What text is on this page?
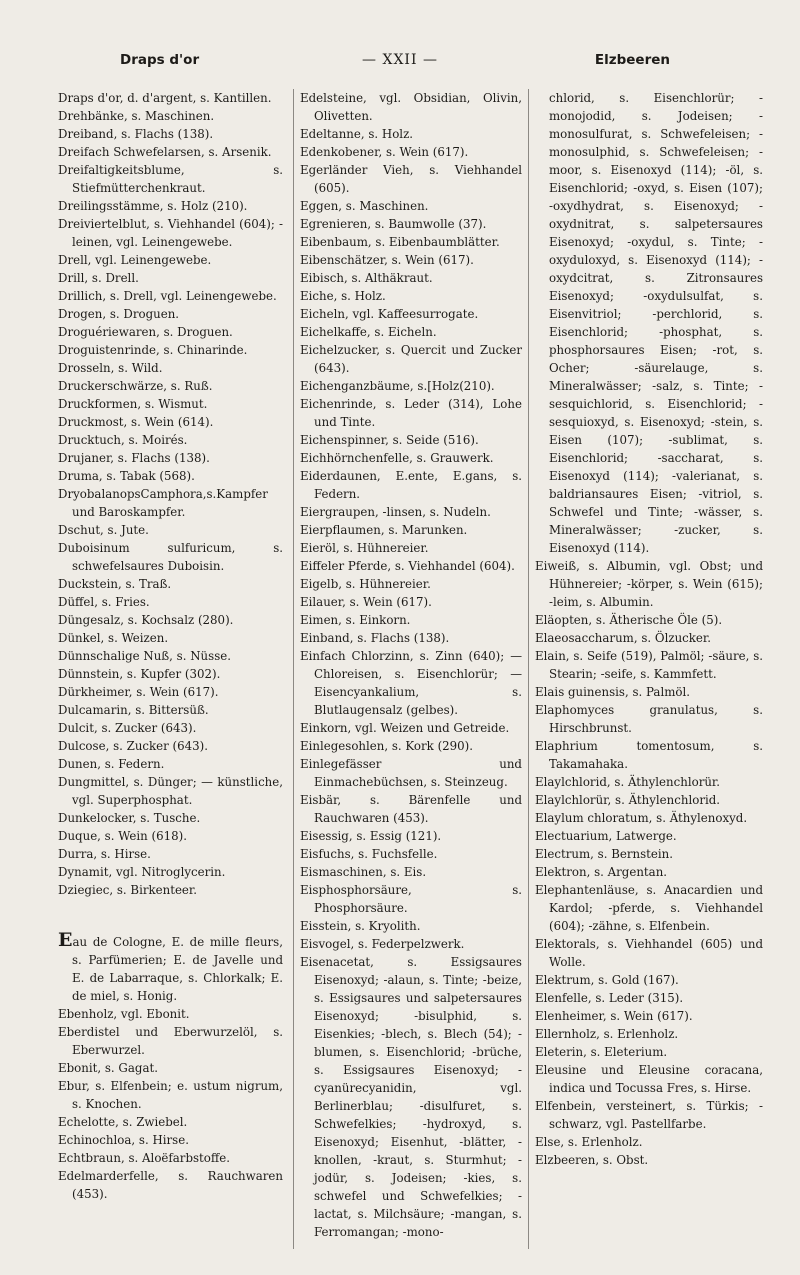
Draps d'or	— XXII —	Elzbeeren

Draps d'or, d. d'argent, s. Kantillen.

Drehbänke, s. Maschinen.

Dreiband, s. Flachs (138).

Dreifach Schwefelarsen, s. Arsenik.

Dreifaltigkeitsblume, s. Stiefmütterchenkraut.

Dreilingsstämme, s. Holz (210).

Dreiviertelblut, s. Viehhandel (604); -leinen, vgl. Leinengewebe.

Drell, vgl. Leinengewebe.

Drill, s. Drell.

Drillich, s. Drell, vgl. Leinengewebe.

Drogen, s. Droguen.

Droguériewaren, s. Droguen.

Droguistenrinde, s. Chinarinde.

Drosseln, s. Wild.

Druckerschwärze, s. Ruß.

Druckformen, s. Wismut.

Druckmost, s. Wein (614).

Drucktuch, s. Moirés.

Drujaner, s. Flachs (138).

Druma, s. Tabak (568).

DryobalanopsCamphora,s.Kampfer und Baroskampfer.

Dschut, s. Jute.

Duboisinum sulfuricum, s. schwefelsaures Duboisin.

Duckstein, s. Traß.

Düffel, s. Fries.

Düngesalz, s. Kochsalz (280).

Dünkel, s. Weizen.

Dünnschalige Nuß, s. Nüsse.

Dünnstein, s. Kupfer (302).

Dürkheimer, s. Wein (617).

Dulcamarin, s. Bittersüß.

Dulcit, s. Zucker (643).

Dulcose, s. Zucker (643).

Dunen, s. Federn.

Dungmittel, s. Dünger; — künstliche, vgl. Superphosphat.

Dunkelocker, s. Tusche.

Duque, s. Wein (618).

Durra, s. Hirse.

Dynamit, vgl. Nitroglycerin.

Dziegiec, s. Birkenteer.

Eau de Cologne, E. de mille fleurs, s. Parfümerien; E. de Javelle und E. de Labarraque, s. Chlorkalk; E. de miel, s. Honig.

Ebenholz, vgl. Ebonit.

Eberdistel und Eberwurzelöl, s. Eberwurzel.

Ebonit, s. Gagat.

Ebur, s. Elfenbein; e. ustum nigrum, s. Knochen.

Echelotte, s. Zwiebel.

Echinochloa, s. Hirse.

Echtbraun, s. Aloëfarbstoffe.

Edelmarderfelle, s. Rauchwaren (453).

Edelsteine, vgl. Obsidian, Olivin, Olivetten.

Edeltanne, s. Holz.

Edenkobener, s. Wein (617).

Egerländer Vieh, s. Viehhandel (605).

Eggen, s. Maschinen.

Egrenieren, s. Baumwolle (37).

Eibenbaum, s. Eibenbaumblätter.

Eibenschätzer, s. Wein (617).

Eibisch, s. Althäkraut.

Eiche, s. Holz.

Eicheln, vgl. Kaffeesurrogate.

Eichelkaffe, s. Eicheln.

Eichelzucker, s. Quercit und Zucker (643).

Eichenganzbäume, s.[Holz(210).

Eichenrinde, s. Leder (314), Lohe und Tinte.

Eichenspinner, s. Seide (516).

Eichhörnchenfelle, s. Grauwerk.

Eiderdaunen, E.ente, E.gans, s. Federn.

Eiergraupen, -linsen, s. Nudeln.

Eierpflaumen, s. Marunken.

Eieröl, s. Hühnereier.

Eiffeler Pferde, s. Viehhandel (604).

Eigelb, s. Hühnereier.

Eilauer, s. Wein (617).

Eimen, s. Einkorn.

Einband, s. Flachs (138).

Einfach Chlorzinn, s. Zinn (640); — Chloreisen, s. Eisenchlorür; — Eisencyankalium, s. Blutlaugensalz (gelbes).

Einkorn, vgl. Weizen und Getreide.

Einlegesohlen, s. Kork (290).

Einlegefässer und Einmachebüchsen, s. Steinzeug.

Eisbär, s. Bärenfelle und Rauchwaren (453).

Eisessig, s. Essig (121).

Eisfuchs, s. Fuchsfelle.

Eismaschinen, s. Eis.

Eisphosphorsäure, s. Phosphorsäure.

Eisstein, s. Kryolith.

Eisvogel, s. Federpelzwerk.

Eisenacetat, s. Essigsaures Eisenoxyd; -alaun, s. Tinte; -beize, s. Essigsaures und salpetersaures Eisenoxyd; -bisulphid, s. Eisenkies; -blech, s. Blech (54); -blumen, s. Eisenchlorid; -brüche, s. Essigsaures Eisenoxyd; -cyanürecyanidin, vgl. Berlinerblau; -disulfuret, s. Schwefelkies; -hydroxyd, s. Eisenoxyd; Eisenhut, -blätter, -knollen, -kraut, s. Sturmhut; -jodür, s. Jodeisen; -kies, s. schwefel und Schwefelkies; -lactat, s. Milchsäure; -mangan, s. Ferromangan; -mono-

chlorid, s. Eisenchlorür; -monojodid, s. Jodeisen; -monosulfurat, s. Schwefeleisen; -monosulphid, s. Schwefeleisen; -moor, s. Eisenoxyd (114); -öl, s. Eisenchlorid; -oxyd, s. Eisen (107); -oxydhydrat, s. Eisenoxyd; -oxydnitrat, s. salpetersaures Eisenoxyd; -oxydul, s. Tinte; -oxyduloxyd, s. Eisenoxyd (114); -oxydcitrat, s. Zitronsaures Eisenoxyd; -oxydulsulfat, s. Eisenvitriol; -perchlorid, s. Eisenchlorid; -phosphat, s. phosphorsaures Eisen; -rot, s. Ocher; -säurelauge, s. Mineralwässer; -salz, s. Tinte; -sesquichlorid, s. Eisenchlorid; -sesquioxyd, s. Eisenoxyd; -stein, s. Eisen (107); -sublimat, s. Eisenchlorid; -saccharat, s. Eisenoxyd (114); -valerianat, s. baldriansaures Eisen; -vitriol, s. Schwefel und Tinte; -wässer, s. Mineralwässer; -zucker, s. Eisenoxyd (114).

Eiweiß, s. Albumin, vgl. Obst; und Hühnereier; -körper, s. Wein (615); -leim, s. Albumin.

Eläopten, s. Ätherische Öle (5).

Elaeosaccharum, s. Ölzucker.

Elain, s. Seife (519), Palmöl; -säure, s. Stearin; -seife, s. Kammfett.

Elais guinensis, s. Palmöl.

Elaphomyces granulatus, s. Hirschbrunst.

Elaphrium tomentosum, s. Takamahaka.

Elaylchlorid, s. Äthylenchlorür.

Elaylchlorür, s. Äthylenchlorid.

Elaylum chloratum, s. Äthylenoxyd.

Electuarium, Latwerge.

Electrum, s. Bernstein.

Elektron, s. Argentan.

Elephantenläuse, s. Anacardien und Kardol; -pferde, s. Viehhandel (604); -zähne, s. Elfenbein.

Elektorals, s. Viehhandel (605) und Wolle.

Elektrum, s. Gold (167).

Elenfelle, s. Leder (315).

Elenheimer, s. Wein (617).

Ellernholz, s. Erlenholz.

Eleterin, s. Eleterium.

Eleusine und Eleusine coracana, indica und Tocussa Fres, s. Hirse.

Elfenbein, versteinert, s. Türkis; -schwarz, vgl. Pastellfarbe.

Else, s. Erlenholz.

Elzbeeren, s. Obst.
